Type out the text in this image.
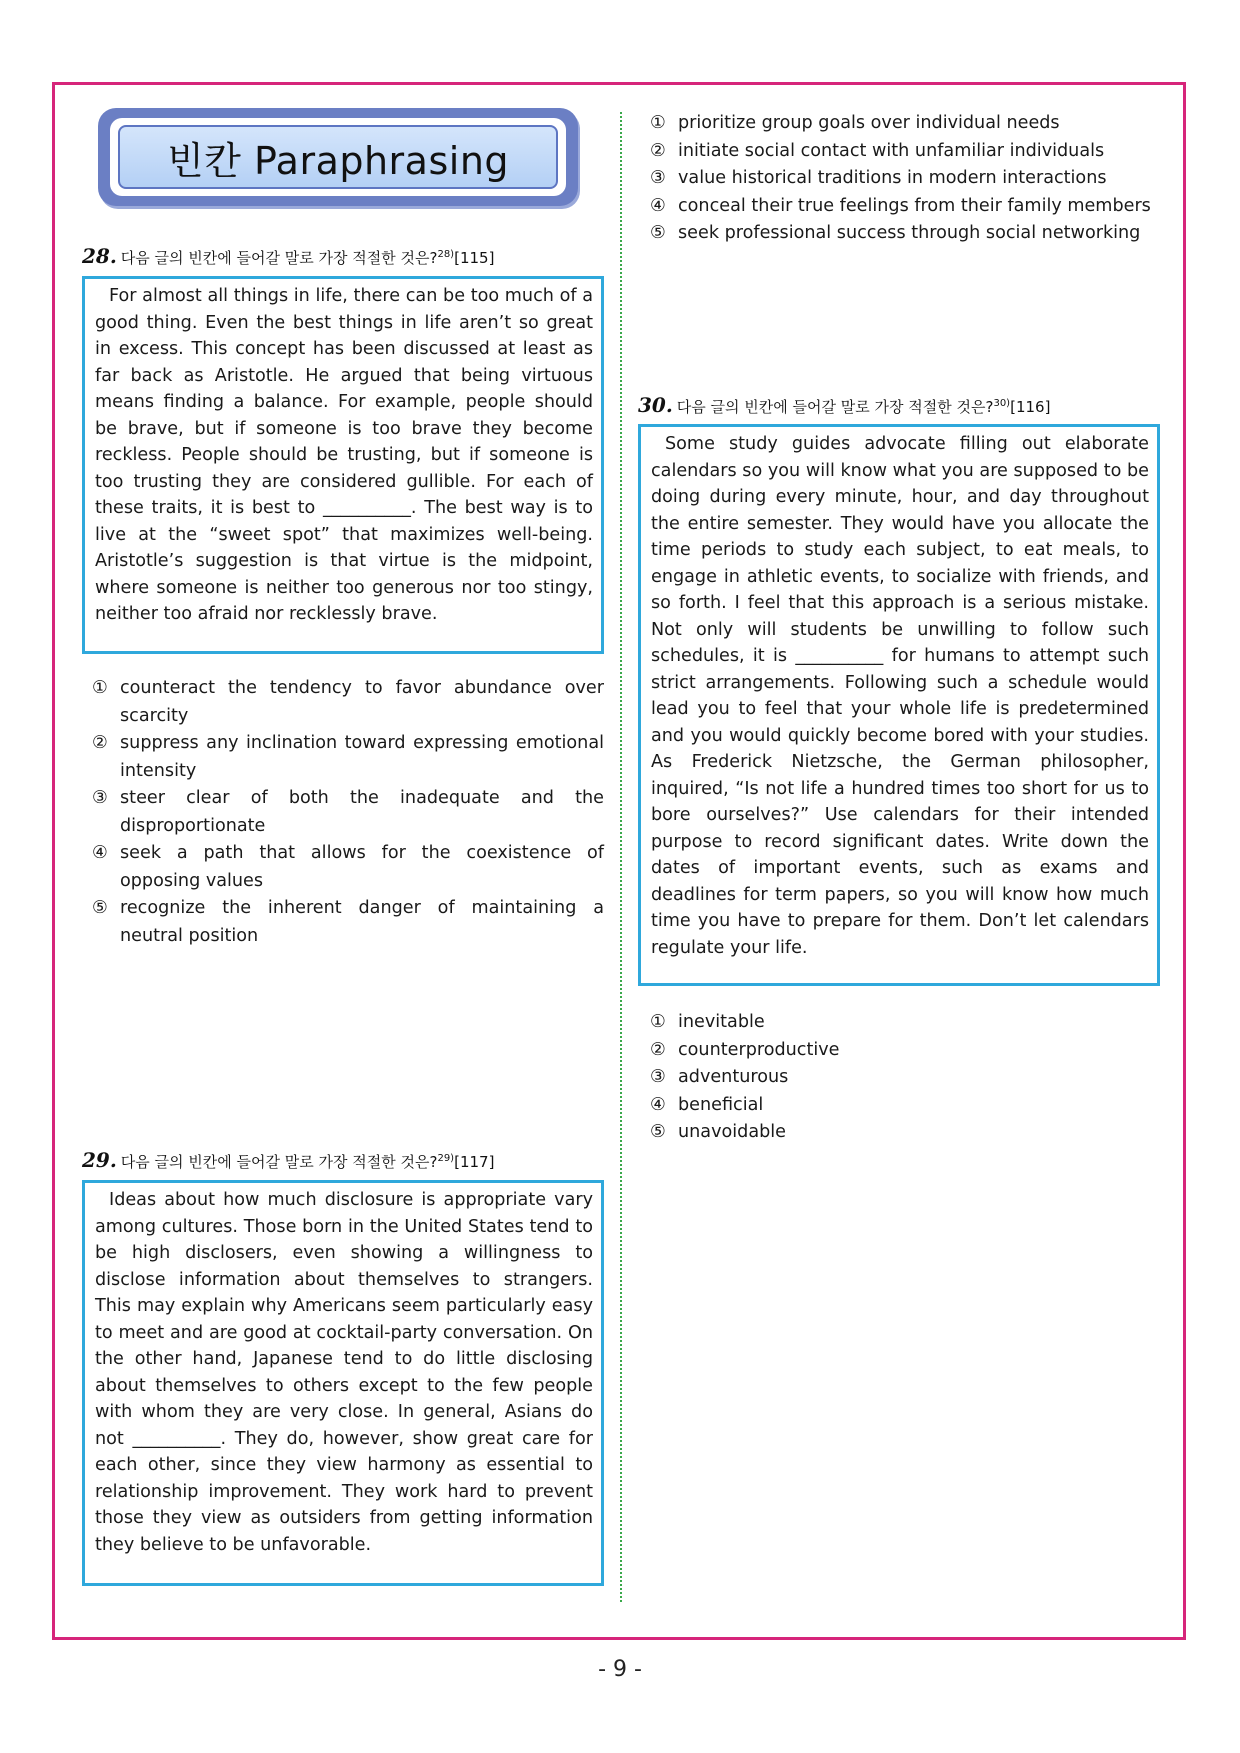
빈칸 Paraphrasing
28. 다음 글의 빈칸에 들어갈 말로 가장 적절한 것은?$^{28)}$[115]
For almost all things in life, there can be too much of a good thing. Even the best things in life aren’t so great in excess. This concept has been discussed at least as far back as Aristotle. He argued that being virtuous means finding a balance. For example, people should be brave, but if someone is too brave they become reckless. People should be trusting, but if someone is too trusting they are considered gullible. For each of these traits, it is best to __________. The best way is to live at the “sweet spot” that maximizes well-being. Aristotle’s suggestion is that virtue is the midpoint, where someone is neither too generous nor too stingy, neither too afraid nor recklessly brave.
① counteract the tendency to favor abundance over scarcity
② suppress any inclination toward expressing emotional intensity
③ steer clear of both the inadequate and the disproportionate
④ seek a path that allows for the coexistence of opposing values
⑤ recognize the inherent danger of maintaining a neutral position
29. 다음 글의 빈칸에 들어갈 말로 가장 적절한 것은?$^{29)}$[117]
Ideas about how much disclosure is appropriate vary among cultures. Those born in the United States tend to be high disclosers, even showing a willingness to disclose information about themselves to strangers. This may explain why Americans seem particularly easy to meet and are good at cocktail-party conversation. On the other hand, Japanese tend to do little disclosing about themselves to others except to the few people with whom they are very close. In general, Asians do not __________. They do, however, show great care for each other, since they view harmony as essential to relationship improvement. They work hard to prevent those they view as outsiders from getting information they believe to be unfavorable.
① prioritize group goals over individual needs
② initiate social contact with unfamiliar individuals
③ value historical traditions in modern interactions
④ conceal their true feelings from their family members
⑤ seek professional success through social networking
30. 다음 글의 빈칸에 들어갈 말로 가장 적절한 것은?$^{30)}$[116]
Some study guides advocate filling out elaborate calendars so you will know what you are supposed to be doing during every minute, hour, and day throughout the entire semester. They would have you allocate the time periods to study each subject, to eat meals, to engage in athletic events, to socialize with friends, and so forth. I feel that this approach is a serious mistake. Not only will students be unwilling to follow such schedules, it is __________ for humans to attempt such strict arrangements. Following such a schedule would lead you to feel that your whole life is predetermined and you would quickly become bored with your studies. As Frederick Nietzsche, the German philosopher, inquired, “Is not life a hundred times too short for us to bore ourselves?” Use calendars for their intended purpose to record significant dates. Write down the dates of important events, such as exams and deadlines for term papers, so you will know how much time you have to prepare for them. Don’t let calendars regulate your life.
① inevitable
② counterproductive
③ adventurous
④ beneficial
⑤ unavoidable
- 9 -
